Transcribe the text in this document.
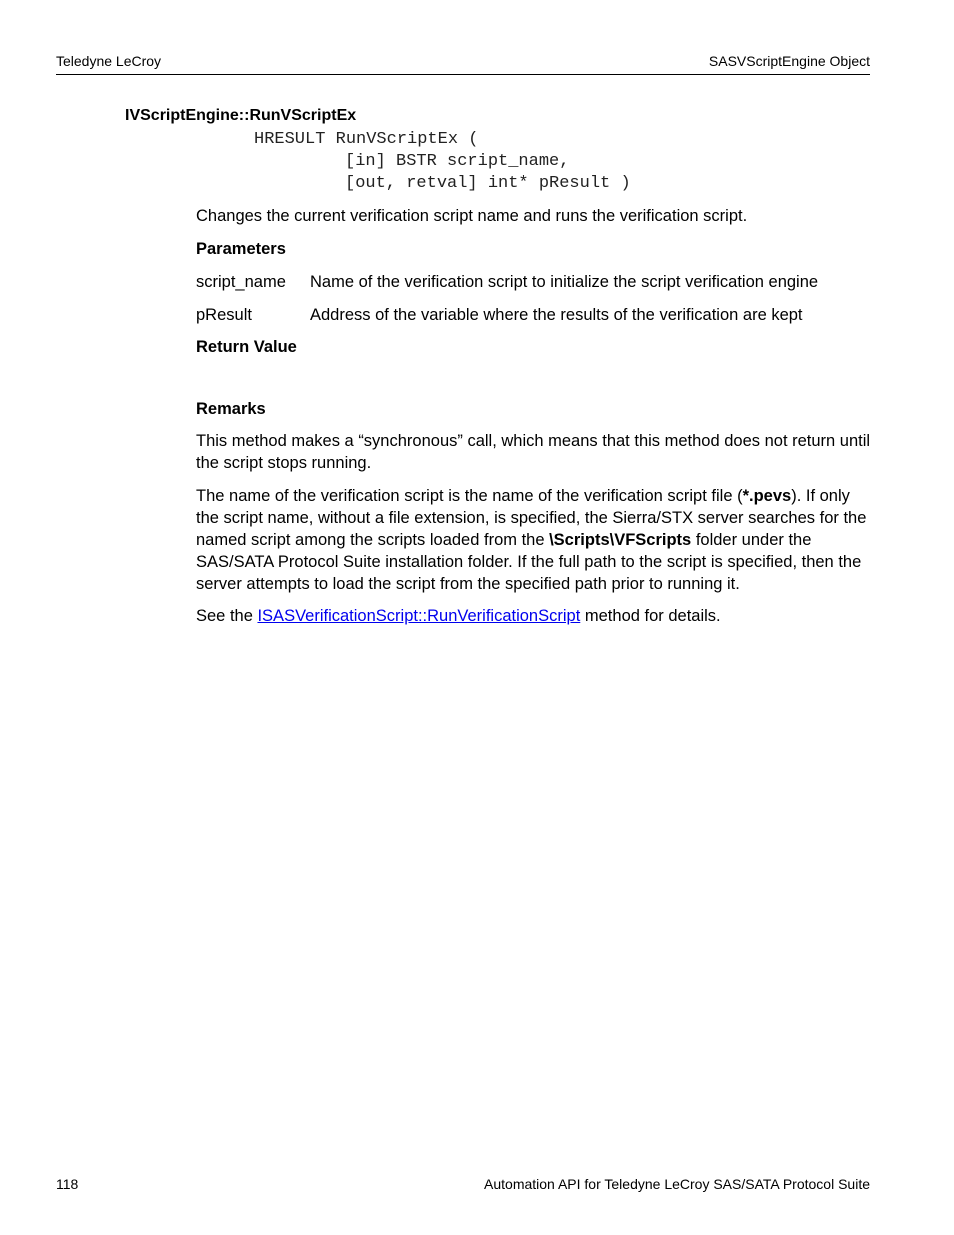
Teledyne LeCroy	SASVScriptEngine Object
IVScriptEngine::RunVScriptEx
HRESULT RunVScriptEx (
[in] BSTR script_name,
[out, retval] int* pResult )
Changes the current verification script name and runs the verification script.
Parameters
script_name Name of the verification script to initialize the script verification engine
pResult	Address of the variable where the results of the verification are kept
Return Value
Remarks
This method makes a “synchronous” call, which means that this method does not return until the script stops running.
The name of the verification script is the name of the verification script file (*.pevs). If only the script name, without a file extension, is specified, the Sierra/STX server searches for the named script among the scripts loaded from the \Scripts\VFScripts folder under the SAS/SATA Protocol Suite installation folder. If the full path to the script is specified, then the server attempts to load the script from the specified path prior to running it.
See the ISASVerificationScript::RunVerificationScript method for details.
118	Automation API for Teledyne LeCroy SAS/SATA Protocol Suite
